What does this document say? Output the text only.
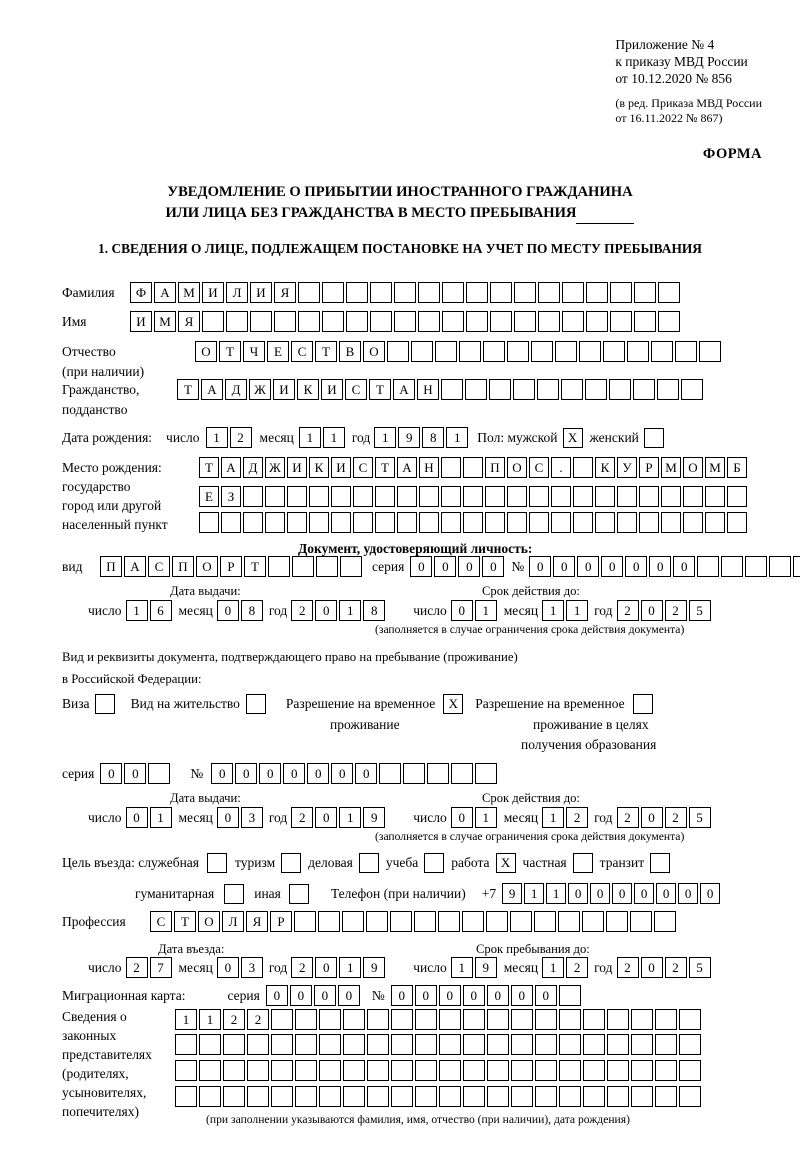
Приложение № 4
к приказу МВД России
от 10.12.2020 № 856
(в ред. Приказа МВД России
от 16.11.2022 № 867)
ФОРМА
УВЕДОМЛЕНИЕ О ПРИБЫТИИ ИНОСТРАННОГО ГРАЖДАНИНА
ИЛИ ЛИЦА БЕЗ ГРАЖДАНСТВА В МЕСТО ПРЕБЫВАНИЯ
1. СВЕДЕНИЯ О ЛИЦЕ, ПОДЛЕЖАЩЕМ ПОСТАНОВКЕ НА УЧЕТ ПО МЕСТУ ПРЕБЫВАНИЯ
Фамилия	Ф	А	М	И	Л	И	Я
Имя	И	М	Я
Отчество	О	Т	Ч	Е	С	Т	В	О
(при наличии)
Гражданство,	Т	А	Д	Ж	И	К	И	С	Т	А	Н
подданство
Дата рождения: число	1	2	месяц 1	1	год 1	9	8	1	Пол: мужской Х женский
Место рождения:	Т	А Д Ж И К И С	Т	А Н	П О С	.	К	У	Р М О М Б
государство
Е	З
город или другой
населенный пункт
Документ, удостоверяющий личность:
вид	П	А	С	П	О	Р	Т	серия	0	0	0	0	№ 0	0	0	0	0	0	0
Дата выдачи:	Срок действия до:
число 1	6	месяц 0	8	год 2	0	1	8	число 0	1	месяц 1	1	год 2	0	2	5
(заполняется в случае ограничения срока действия документа)
Вид и реквизиты документа, подтверждающего право на пребывание (проживание)
в Российской Федерации:
Виза	Вид на жительство	Разрешение на временное	Х	Разрешение на временное
проживание	проживание в целях
получения образования
серия	0	0	№	0	0	0	0	0	0	0
Дата выдачи:	Срок действия до:
число 0	1	месяц 0	3	год 2	0	1	9	число 0	1	месяц 1	2	год 2	0	2	5
(заполняется в случае ограничения срока действия документа)
Цель въезда: служебная	туризм деловая учеба работа Х частная транзит
гуманитарная	иная	Телефон (при наличии) +7 9	1	1	0	0	0	0	0	0	0
Профессия	С	Т	О	Л	Я	Р
Дата въезда:	Срок пребывания до:
число 2	7	месяц 0	3	год 2	0	1	9	число 1	9	месяц 1	2	год 2	0	2	5
Миграционная карта:	серия	0	0	0	0	№	0	0	0	0	0	0	0
Сведения о
законных
представителях
(родителях,
усыновителях,
попечителях)
1	1	2	2
(при заполнении указываются фамилия, имя, отчество (при наличии), дата рождения)
